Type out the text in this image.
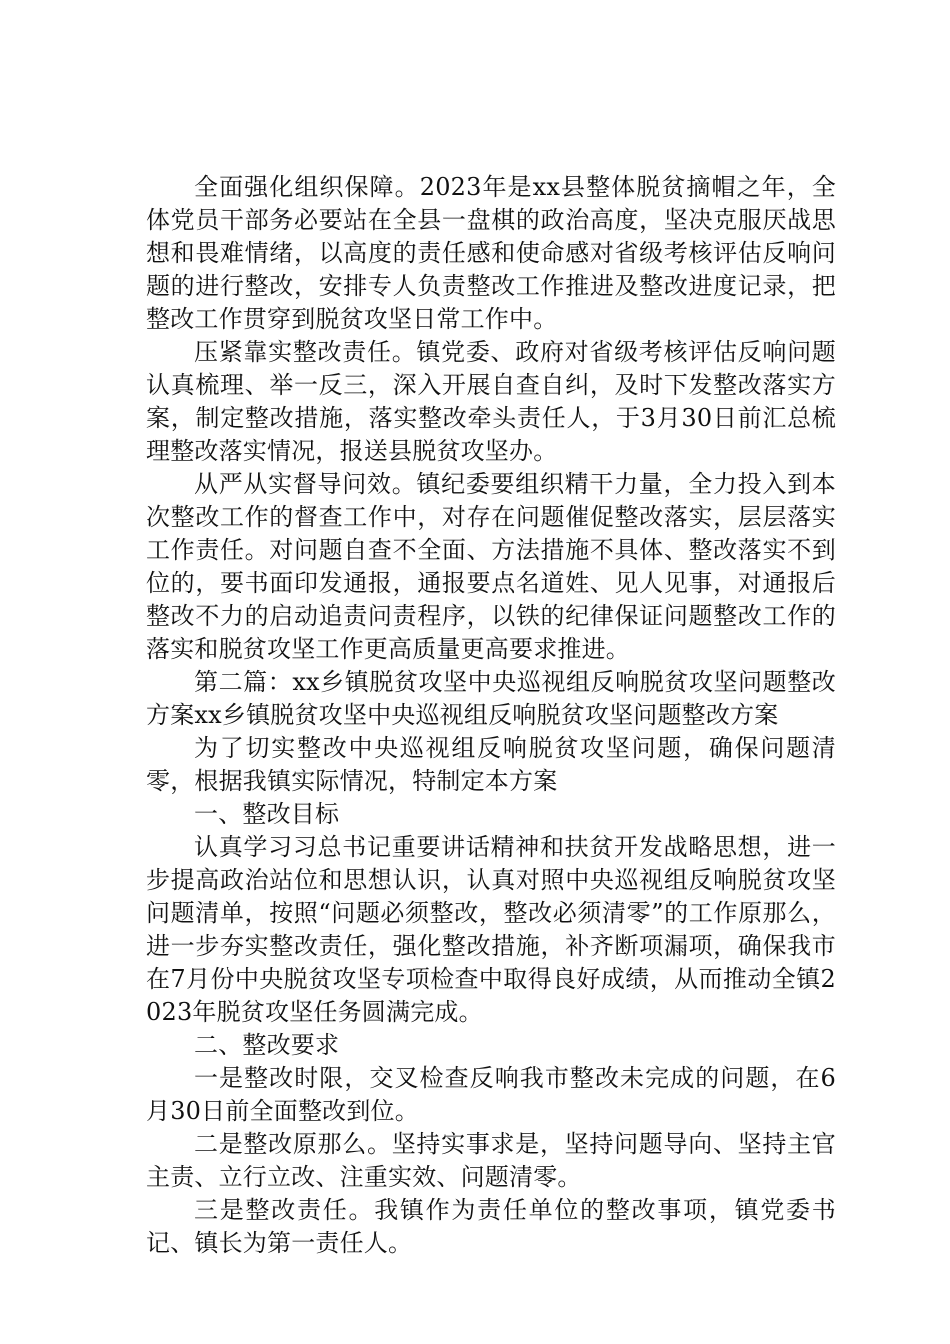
全面强化组织保障。2023年是xx县整体脱贫摘帽之年，全体党员干部务必要站在全县一盘棋的政治高度，坚决克服厌战思想和畏难情绪，以高度的责任感和使命感对省级考核评估反响问题的进行整改，安排专人负责整改工作推进及整改进度记录，把整改工作贯穿到脱贫攻坚日常工作中。

压紧靠实整改责任。镇党委、政府对省级考核评估反响问题认真梳理、举一反三，深入开展自查自纠，及时下发整改落实方案，制定整改措施，落实整改牵头责任人，于3月30日前汇总梳理整改落实情况，报送县脱贫攻坚办。

从严从实督导问效。镇纪委要组织精干力量，全力投入到本次整改工作的督查工作中，对存在问题催促整改落实，层层落实工作责任。对问题自查不全面、方法措施不具体、整改落实不到位的，要书面印发通报，通报要点名道姓、见人见事，对通报后整改不力的启动追责问责程序，以铁的纪律保证问题整改工作的落实和脱贫攻坚工作更高质量更高要求推进。

第二篇：xx乡镇脱贫攻坚中央巡视组反响脱贫攻坚问题整改方案xx乡镇脱贫攻坚中央巡视组反响脱贫攻坚问题整改方案

为了切实整改中央巡视组反响脱贫攻坚问题，确保问题清零，根据我镇实际情况，特制定本方案

一、整改目标

认真学习习总书记重要讲话精神和扶贫开发战略思想，进一步提高政治站位和思想认识，认真对照中央巡视组反响脱贫攻坚问题清单，按照“问题必须整改，整改必须清零”的工作原那么，进一步夯实整改责任，强化整改措施，补齐断项漏项，确保我市在7月份中央脱贫攻坚专项检查中取得良好成绩，从而推动全镇2023年脱贫攻坚任务圆满完成。

二、整改要求

一是整改时限，交叉检查反响我市整改未完成的问题，在6月30日前全面整改到位。

二是整改原那么。坚持实事求是，坚持问题导向、坚持主官主责、立行立改、注重实效、问题清零。

三是整改责任。我镇作为责任单位的整改事项，镇党委书记、镇长为第一责任人。
